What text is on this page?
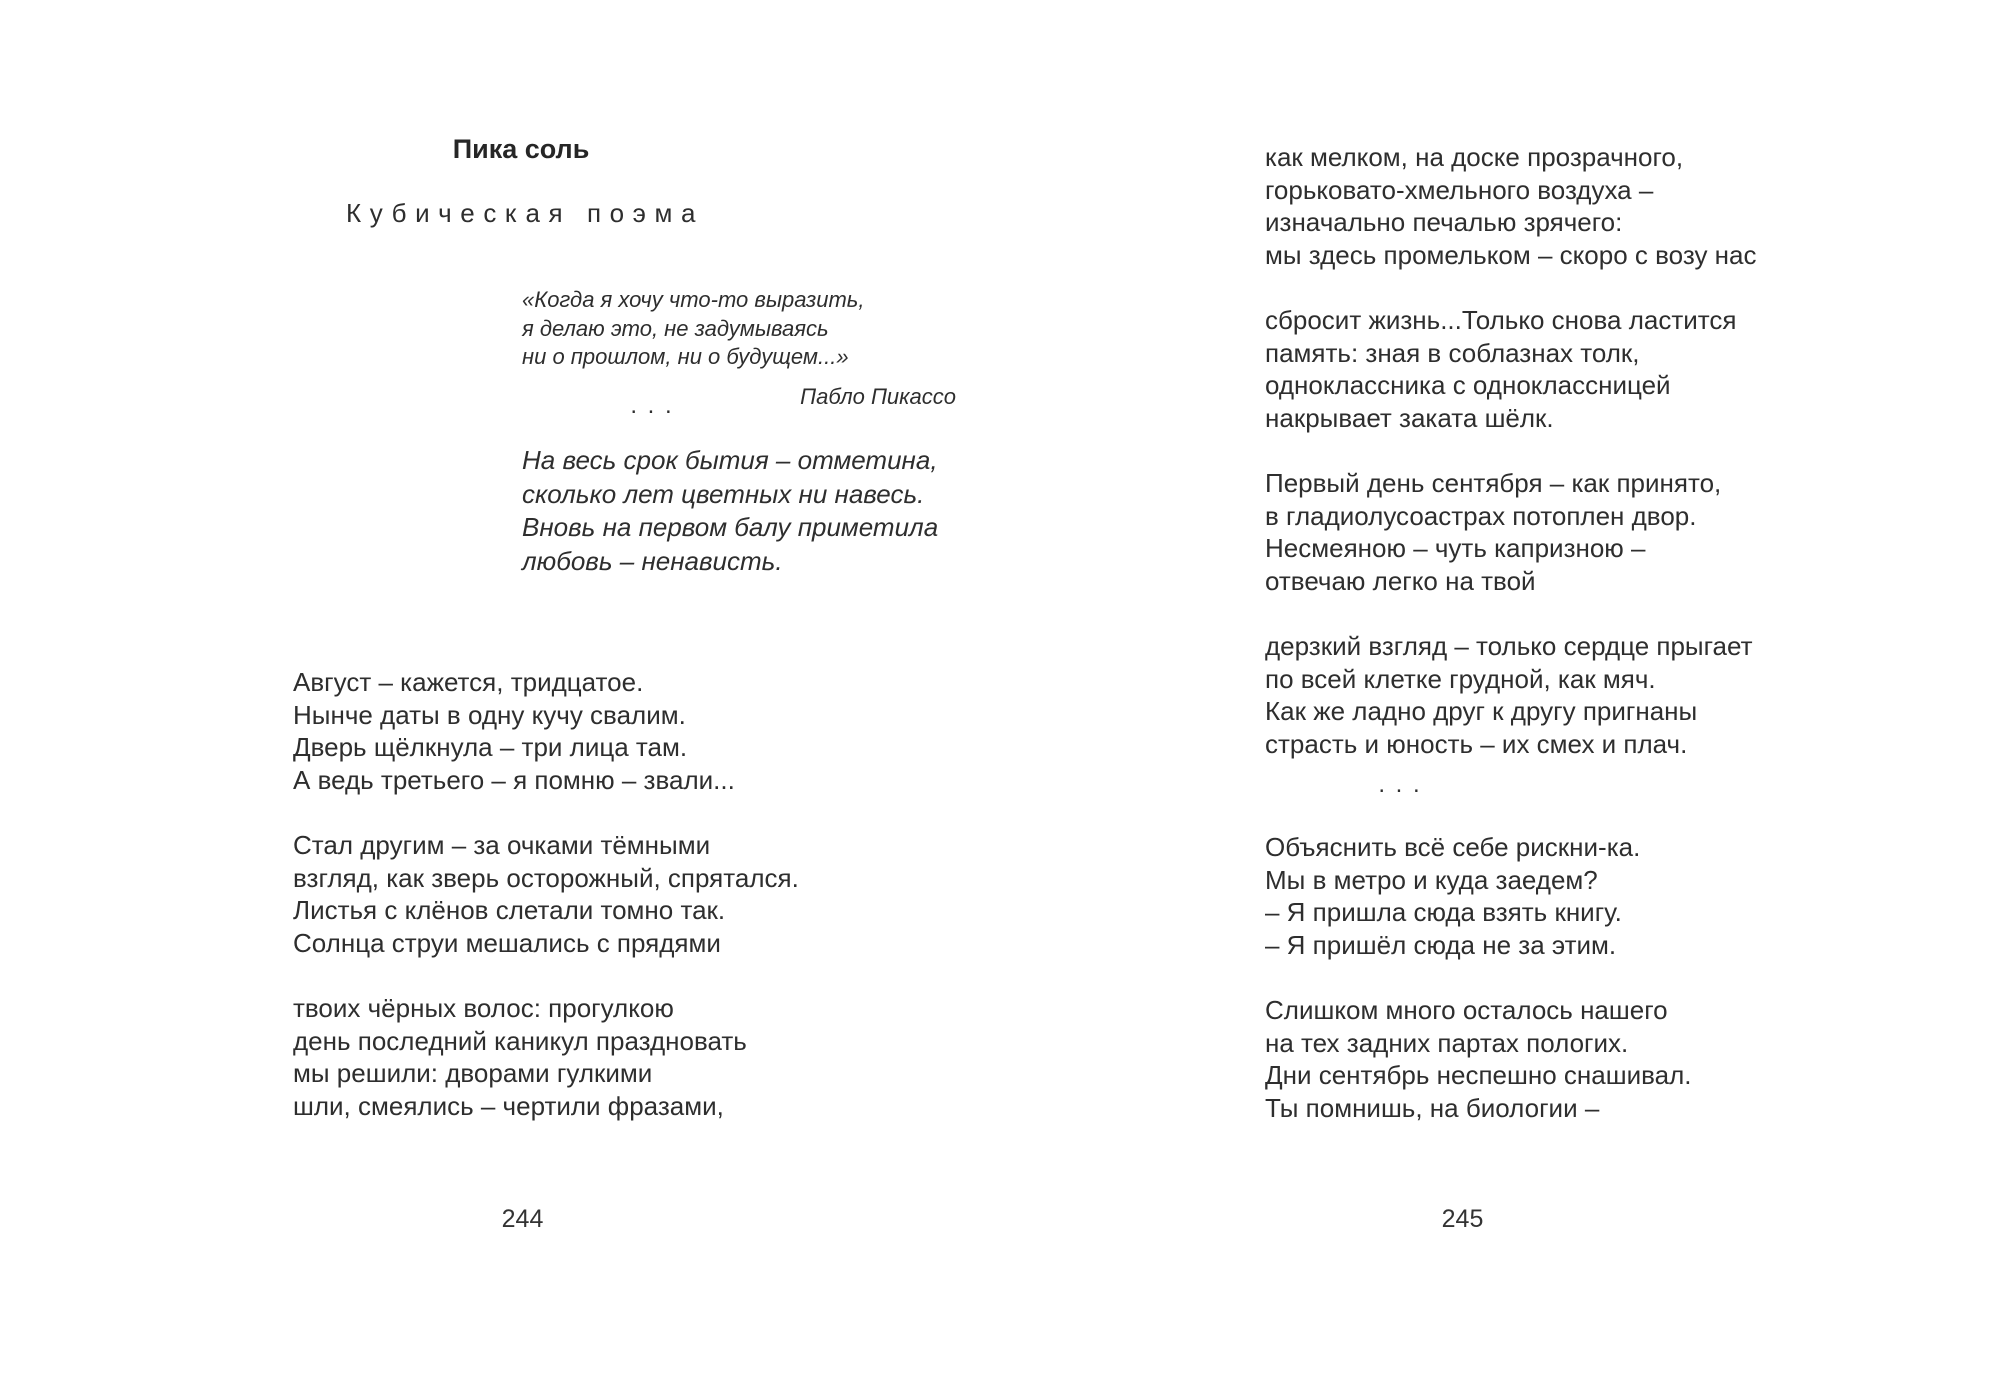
Пика соль
Кубическая поэма
«Когда я хочу что-то выразить,
я делаю это, не задумываясь
ни о прошлом, ни о будущем...»
Пабло Пикассо
. . .
На весь срок бытия – отметина,
сколько лет цветных ни навесь.
Вновь на первом балу приметила
любовь – ненависть.
Август – кажется, тридцатое.
Нынче даты в одну кучу свалим.
Дверь щёлкнула – три лица там.
А ведь третьего – я помню – звали...
Стал другим – за очками тёмными
взгляд, как зверь осторожный, спрятался.
Листья с клёнов слетали томно так.
Солнца струи мешались с прядями
твоих чёрных волос: прогулкою
день последний каникул праздновать
мы решили: дворами гулкими
шли, смеялись – чертили фразами,
244
как мелком, на доске прозрачного,
горьковато-хмельного воздуха –
изначально печалью зрячего:
мы здесь промельком – скоро с возу нас
сбросит жизнь...Только снова ластится
память: зная в соблазнах толк,
одноклассника с одноклассницей
накрывает заката шёлк.
Первый день сентября – как принято,
в гладиолусоастрах потоплен двор.
Несмеяною – чуть капризною –
отвечаю легко на твой
дерзкий взгляд – только сердце прыгает
по всей клетке грудной, как мяч.
Как же ладно друг к другу пригнаны
страсть и юность – их смех и плач.
. . .
Объяснить всё себе рискни-ка.
Мы в метро и куда заедем?
– Я пришла сюда взять книгу.
– Я пришёл сюда не за этим.
Слишком много осталось нашего
на тех задних партах пологих.
Дни сентябрь неспешно снашивал.
Ты помнишь, на биологии –
245
